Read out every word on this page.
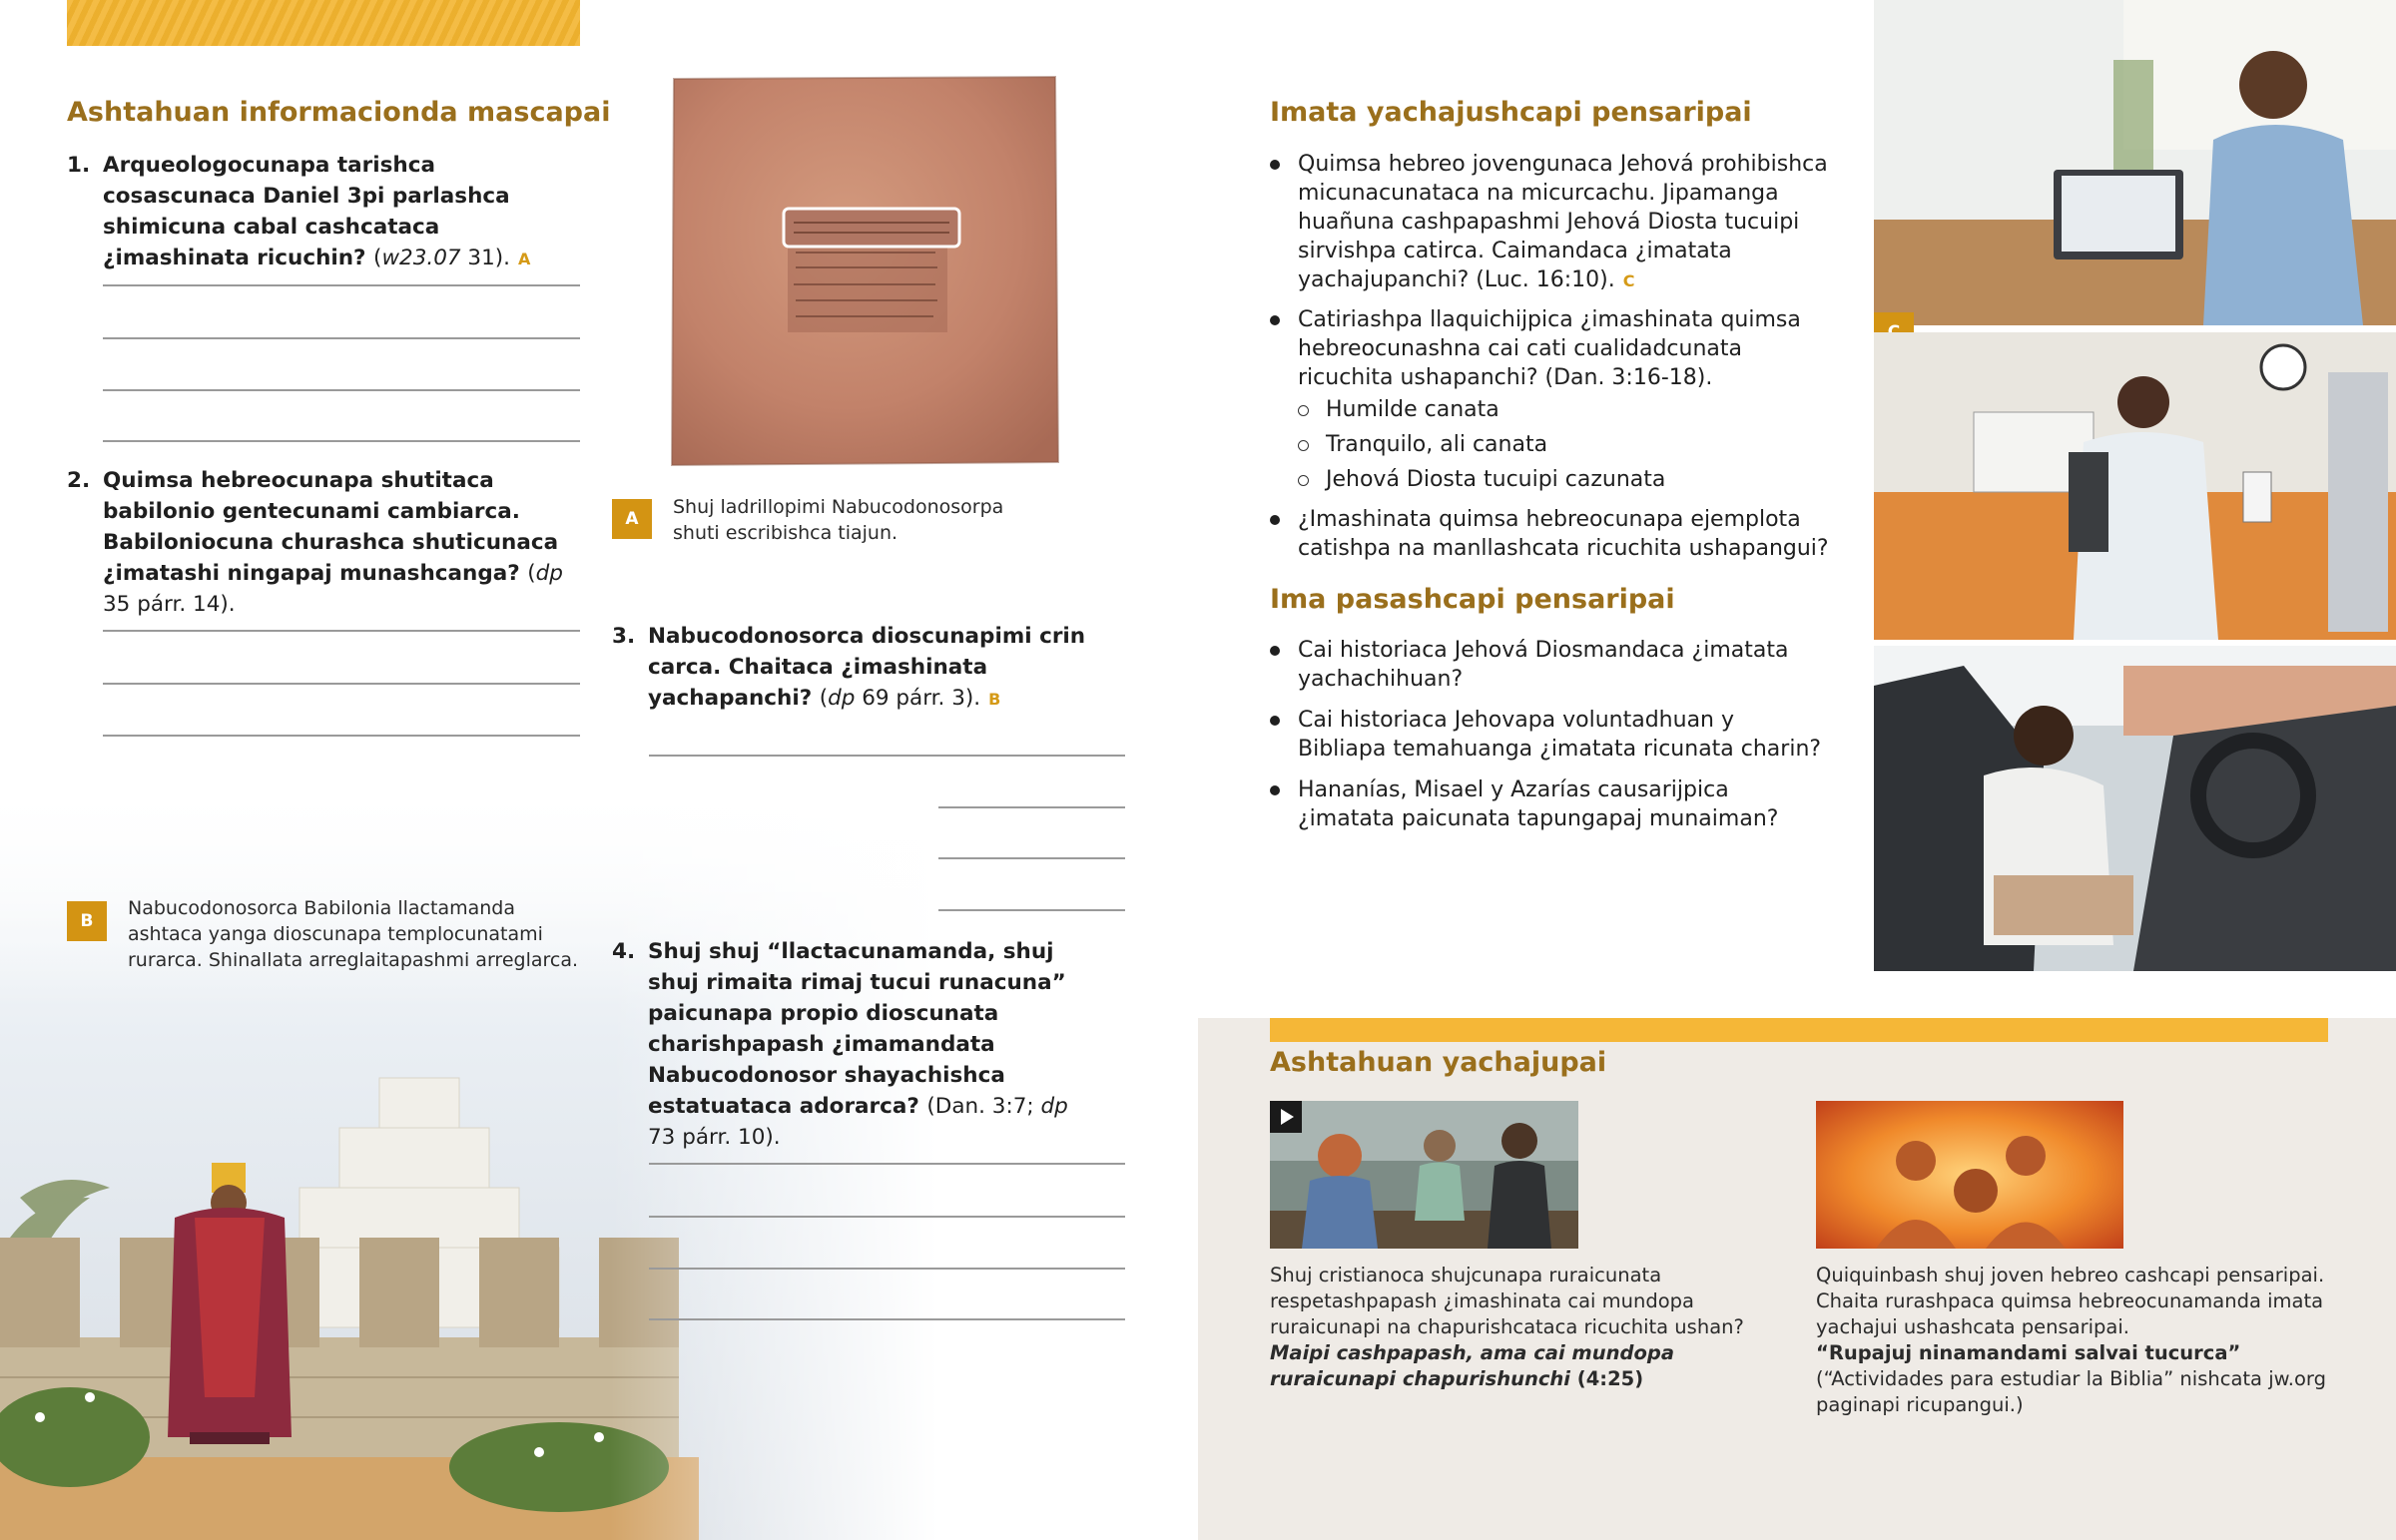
Ashtahuan informacionda mascapai
1. Arqueologocunapa tarishca cosascunaca Daniel 3pi parlashca shimicuna cabal cashcataca ¿imashinata ricuchin? (w23.07 31). A
2. Quimsa hebreocunapa shutitaca babilonio gentecunami cambiarca. Babiloniocuna churashca shuticunaca ¿imatashi ningapaj munashcanga? (dp 35 párr. 14).
A
Shuj ladrillopimi Nabucodonosorpa shuti escribishca tiajun.
3. Nabucodonosorca dioscunapimi crin carca. Chaitaca ¿imashinata yachapanchi? (dp 69 párr. 3). B
B
Nabucodonosorca Babilonia llactamanda ashtaca yanga dioscunapa templocunatami rurarca. Shinallata arreglaitapashmi arreglarca.	4. Shuj shuj “llactacunamanda, shuj shuj rimaita rimaj tucui runacuna” paicunapa propio dioscunata charishpapash ¿imamandata Nabucodonosor shayachishca estatuataca adorarca? (Dan. 3:7; dp 73 párr. 10).
Imata yachajushcapi pensaripai
Quimsa hebreo jovengunaca Jehová prohibishca micunacunataca na micurcachu. Jipamanga huañuna cashpapashmi Jehová Diosta tucuipi sirvishpa catirca. Caimandaca ¿imatata yachajupanchi? (Luc. 16:10). C
Catiriashpa llaquichijpica ¿imashinata quimsa hebreocunashna cai cati cualidadcunata ricuchita ushapanchi? (Dan. 3:16-18).
Humilde canata
Tranquilo, ali canata
Jehová Diosta tucuipi cazunata
¿Imashinata quimsa hebreocunapa ejemplota catishpa na manllashcata ricuchita ushapangui?
Ima pasashcapi pensaripai
Cai historiaca Jehová Diosmandaca ¿imatata yachachihuan?
Cai historiaca Jehovapa voluntadhuan y Bibliapa temahuanga ¿imatata ricunata charin?
Hananías, Misael y Azarías causarijpica ¿imatata paicunata tapungapaj munaiman?
Ashtahuan yachajupai
Shuj cristianoca shujcunapa ruraicunata respetashpapash ¿imashinata cai mundopa ruraicunapi na chapurishcataca ricuchita ushan?
Maipi cashpapash, ama cai mundopa ruraicunapi chapurishunchi (4:25)
Quiquinbash shuj joven hebreo cashcapi pensaripai. Chaita rurashpaca quimsa hebreocunamanda imata yachajui ushashcata pensaripai.
“Rupajuj ninamandami salvai tucurca”
(“Actividades para estudiar la Biblia” nishcata jw.org paginapi ricupangui.)
